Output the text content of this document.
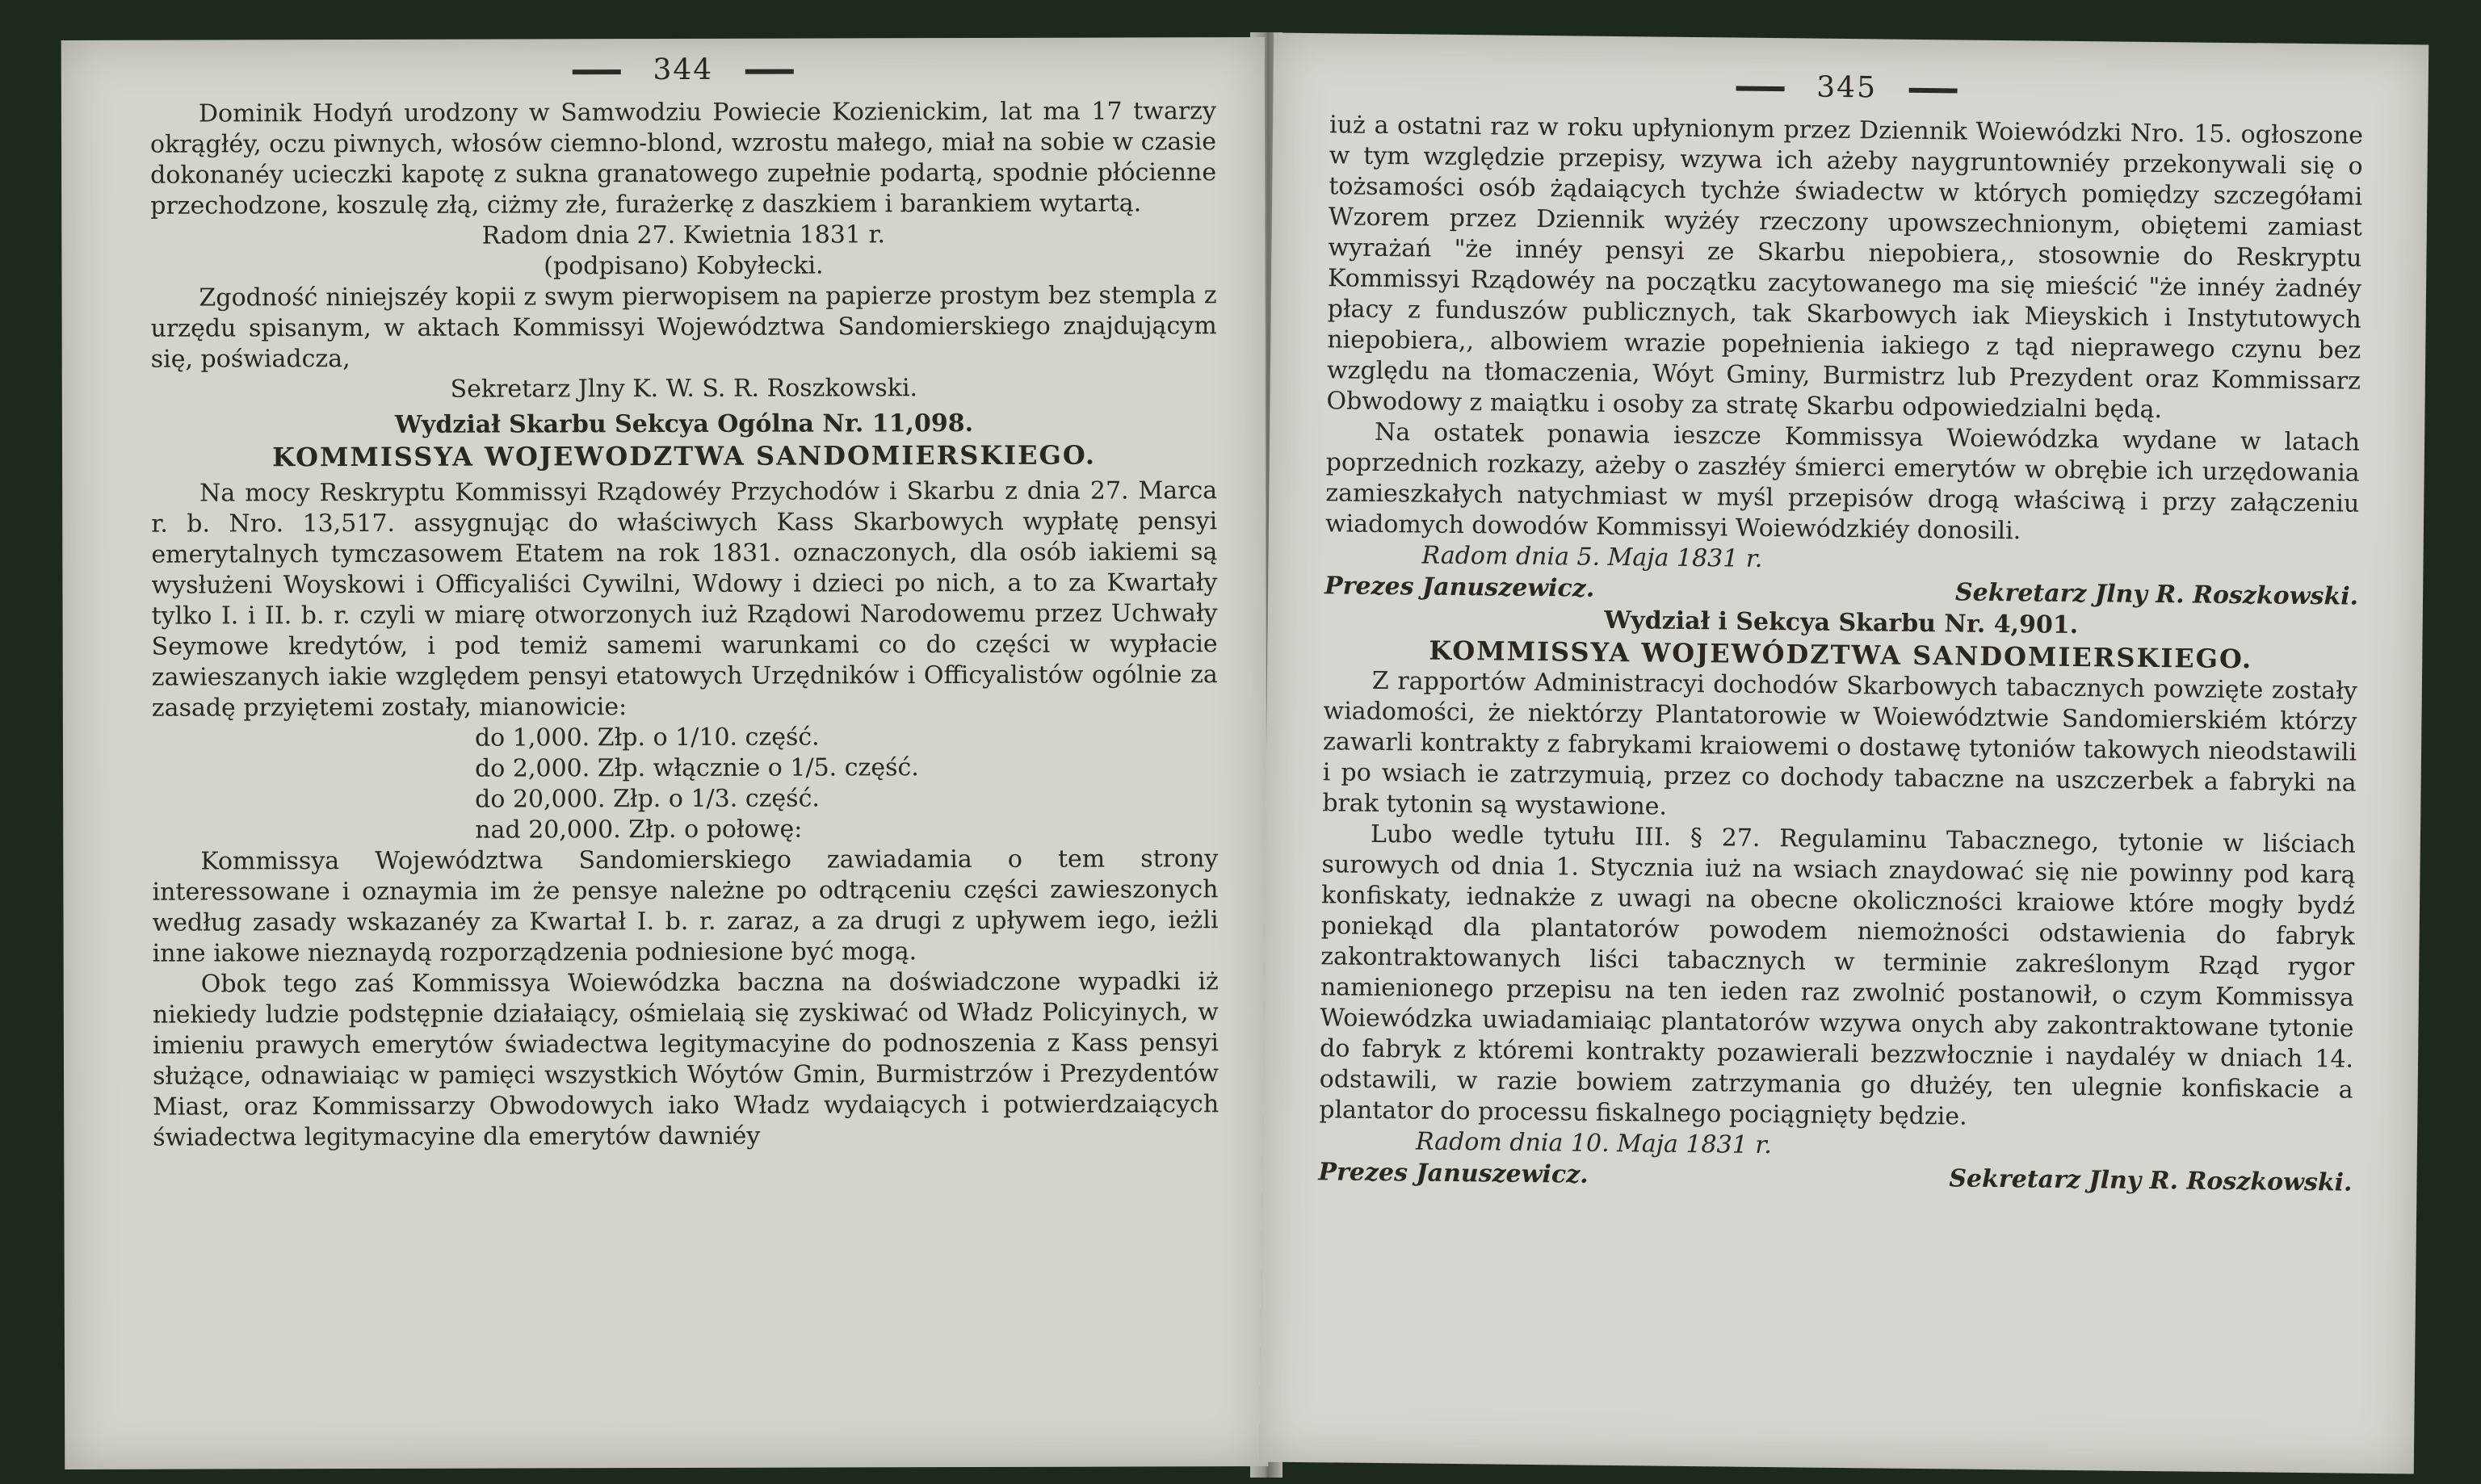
344

Dominik Hodyń urodzony w Samwodziu Powiecie Kozienickim, lat ma 17 twarzy okrągłéy, oczu piwnych, włosów ciemno-blond, wzrostu małego, miał na sobie w czasie dokonanéy ucieczki kapotę z sukna granatowego zupełnie podartą, spodnie płócienne przechodzone, koszulę złą, ciżmy złe, furażerkę z daszkiem i barankiem wytartą.

Radom dnia 27. Kwietnia 1831 r.
(podpisano) Kobyłecki.

Zgodność niniejszéy kopii z swym pierwopisem na papierze prostym bez stempla z urzędu spisanym, w aktach Kommissyi Województwa Sandomierskiego znajdującym się, poświadcza,

Sekretarz Jlny K. W. S. R. Roszkowski.
Wydział Skarbu Sekcya Ogólna Nr. 11,098.
KOMMISSYA WOJEWODZTWA SANDOMIERSKIEGO.

Na mocy Reskryptu Kommissyi Rządowéy Przychodów i Skarbu z dnia 27. Marca r. b. Nro. 13,517. assygnując do właściwych Kass Skarbowych wypłatę pensyi emerytalnych tymczasowem Etatem na rok 1831. oznaczonych, dla osób iakiemi są wysłużeni Woyskowi i Officyaliści Cywilni, Wdowy i dzieci po nich, a to za Kwartały tylko I. i II. b. r. czyli w miarę otworzonych iuż Rządowi Narodowemu przez Uchwały Seymowe kredytów, i pod temiż samemi warunkami co do części w wypłacie zawieszanych iakie względem pensyi etatowych Urzędników i Officyalistów ogólnie za zasadę przyiętemi zostały, mianowicie:

do 1,000. Złp. o 1/10. część.
do 2,000. Złp. włącznie o 1/5. część.
do 20,000. Złp. o 1/3. część.
nad 20,000. Złp. o połowę:

Kommissya Województwa Sandomierskiego zawiadamia o tem strony interessowane i oznaymia im że pensye należne po odtrąceniu części zawieszonych według zasady wskazanéy za Kwartał I. b. r. zaraz, a za drugi z upływem iego, ieżli inne iakowe nieznaydą rozporządzenia podniesione być mogą.

Obok tego zaś Kommissya Woiewódzka baczna na doświadczone wypadki iż niekiedy ludzie podstępnie działaiący, ośmielaią się zyskiwać od Władz Policyinych, w imieniu prawych emerytów świadectwa legitymacyine do podnoszenia z Kass pensyi służące, odnawiaiąc w pamięci wszystkich Wóytów Gmin, Burmistrzów i Prezydentów Miast, oraz Kommissarzy Obwodowych iako Władz wydaiących i potwierdzaiących świadectwa legitymacyine dla emerytów dawniéy

345

iuż a ostatni raz w roku upłynionym przez Dziennik Woiewódzki Nro. 15. ogłoszone w tym względzie przepisy, wzywa ich ażeby naygruntowniéy przekonywali się o tożsamości osób żądaiących tychże świadectw w których pomiędzy szczegółami Wzorem przez Dziennik wyżéy rzeczony upowszechnionym, obiętemi zamiast wyrażań "że innéy pensyi ze Skarbu niepobiera,, stosownie do Reskryptu Kommissyi Rządowéy na początku zacytowanego ma się mieścić "że innéy żadnéy płacy z funduszów publicznych, tak Skarbowych iak Mieyskich i Instytutowych niepobiera,, albowiem wrazie popełnienia iakiego z tąd nieprawego czynu bez względu na tłomaczenia, Wóyt Gminy, Burmistrz lub Prezydent oraz Kommissarz Obwodowy z maiątku i osoby za stratę Skarbu odpowiedzialni będą.

Na ostatek ponawia ieszcze Kommissya Woiewódzka wydane w latach poprzednich rozkazy, ażeby o zaszłéy śmierci emerytów w obrębie ich urzędowania zamieszkałych natychmiast w myśl przepisów drogą właściwą i przy załączeniu wiadomych dowodów Kommissyi Woiewódzkiéy donosili.

Radom dnia 5. Maja 1831 r.
Prezes Januszewicz.	Sekretarz Jlny R. Roszkowski.
Wydział i Sekcya Skarbu Nr. 4,901.
KOMMISSYA WOJEWÓDZTWA SANDOMIERSKIEGO.

Z rapportów Administracyi dochodów Skarbowych tabacznych powzięte zostały wiadomości, że niektórzy Plantatorowie w Woiewództwie Sandomierskiém którzy zawarli kontrakty z fabrykami kraiowemi o dostawę tytoniów takowych nieodstawili i po wsiach ie zatrzymuią, przez co dochody tabaczne na uszczerbek a fabryki na brak tytonin są wystawione.

Lubo wedle tytułu III. § 27. Regulaminu Tabacznego, tytonie w liściach surowych od dnia 1. Stycznia iuż na wsiach znaydować się nie powinny pod karą konfiskaty, iednakże z uwagi na obecne okoliczności kraiowe które mogły bydź poniekąd dla plantatorów powodem niemożności odstawienia do fabryk zakontraktowanych liści tabacznych w terminie zakreślonym Rząd rygor namienionego przepisu na ten ieden raz zwolnić postanowił, o czym Kommissya Woiewódzka uwiadamiaiąc plantatorów wzywa onych aby zakontraktowane tytonie do fabryk z któremi kontrakty pozawierali bezzwłocznie i naydaléy w dniach 14. odstawili, w razie bowiem zatrzymania go dłużéy, ten ulegnie konfiskacie a plantator do processu fiskalnego pociągnięty będzie.

Radom dnia 10. Maja 1831 r.
Prezes Januszewicz.	Sekretarz Jlny R. Roszkowski.
